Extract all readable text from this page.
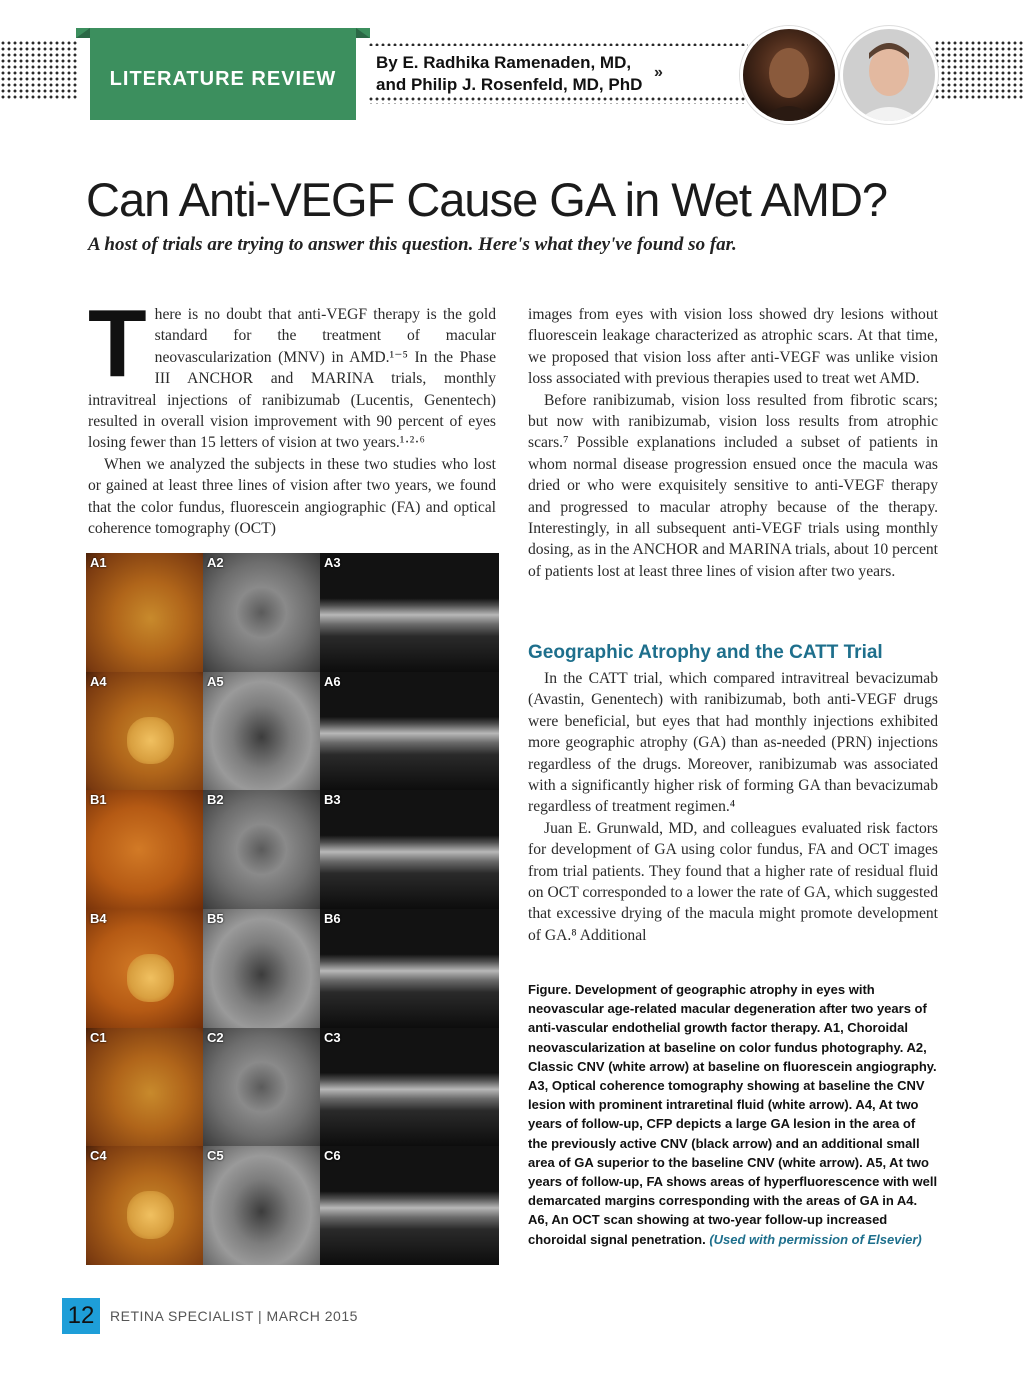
LITERATURE REVIEW
By E. Radhika Ramenaden, MD,
and Philip J. Rosenfeld, MD, PhD
»
Can Anti-VEGF Cause GA in Wet AMD?
A host of trials are trying to answer this question. Here's what they've found so far.

There is no doubt that anti-VEGF therapy is the gold standard for the treatment of macular neovascularization (MNV) in AMD.¹⁻⁵ In the Phase III ANCHOR and MARINA trials, monthly intravitreal injections of ranibizumab (Lucentis, Genentech) resulted in overall vision improvement with 90 percent of eyes losing fewer than 15 letters of vision at two years.¹·²·⁶

When we analyzed the subjects in these two studies who lost or gained at least three lines of vision after two years, we found that the color fundus, fluorescein angiographic (FA) and optical coherence tomography (OCT)

A1	A2	A3
A4	A5	A6
B1	B2	B3
B4	B5	B6
C1	C2	C3
C4	C5	C6

images from eyes with vision loss showed dry lesions without fluorescein leakage characterized as atrophic scars. At that time, we proposed that vision loss after anti-VEGF was unlike vision loss associated with previous therapies used to treat wet AMD.

Before ranibizumab, vision loss resulted from fibrotic scars; but now with ranibizumab, vision loss results from atrophic scars.⁷ Possible explanations included a subset of patients in whom normal disease progression ensued once the macula was dried or who were exquisitely sensitive to anti-VEGF therapy and progressed to macular atrophy because of the therapy. Interestingly, in all subsequent anti-VEGF trials using monthly dosing, as in the ANCHOR and MARINA trials, about 10 percent of patients lost at least three lines of vision after two years.

Geographic Atrophy and the CATT Trial

In the CATT trial, which compared intravitreal bevacizumab (Avastin, Genentech) with ranibizumab, both anti-VEGF drugs were beneficial, but eyes that had monthly injections exhibited more geographic atrophy (GA) than as-needed (PRN) injections regardless of the drugs. Moreover, ranibizumab was associated with a significantly higher risk of forming GA than bevacizumab regardless of treatment regimen.⁴

Juan E. Grunwald, MD, and colleagues evaluated risk factors for development of GA using color fundus, FA and OCT images from trial patients. They found that a higher rate of residual fluid on OCT corresponded to a lower the rate of GA, which suggested that excessive drying of the macula might promote development of GA.⁸ Additional

Figure. Development of geographic atrophy in eyes with neovascular age-related macular degeneration after two years of anti-vascular endothelial growth factor therapy. A1, Choroidal neovascularization at baseline on color fundus photography. A2, Classic CNV (white arrow) at baseline on fluorescein angiography. A3, Optical coherence tomography showing at baseline the CNV lesion with prominent intraretinal fluid (white arrow). A4, At two years of follow-up, CFP depicts a large GA lesion in the area of the previously active CNV (black arrow) and an additional small area of GA superior to the baseline CNV (white arrow). A5, At two years of follow-up, FA shows areas of hyperfluorescence with well demarcated margins corresponding with the areas of GA in A4. A6, An OCT scan showing at two-year follow-up increased choroidal signal penetration. (Used with permission of Elsevier)
12	RETINA SPECIALIST | MARCH 2015
